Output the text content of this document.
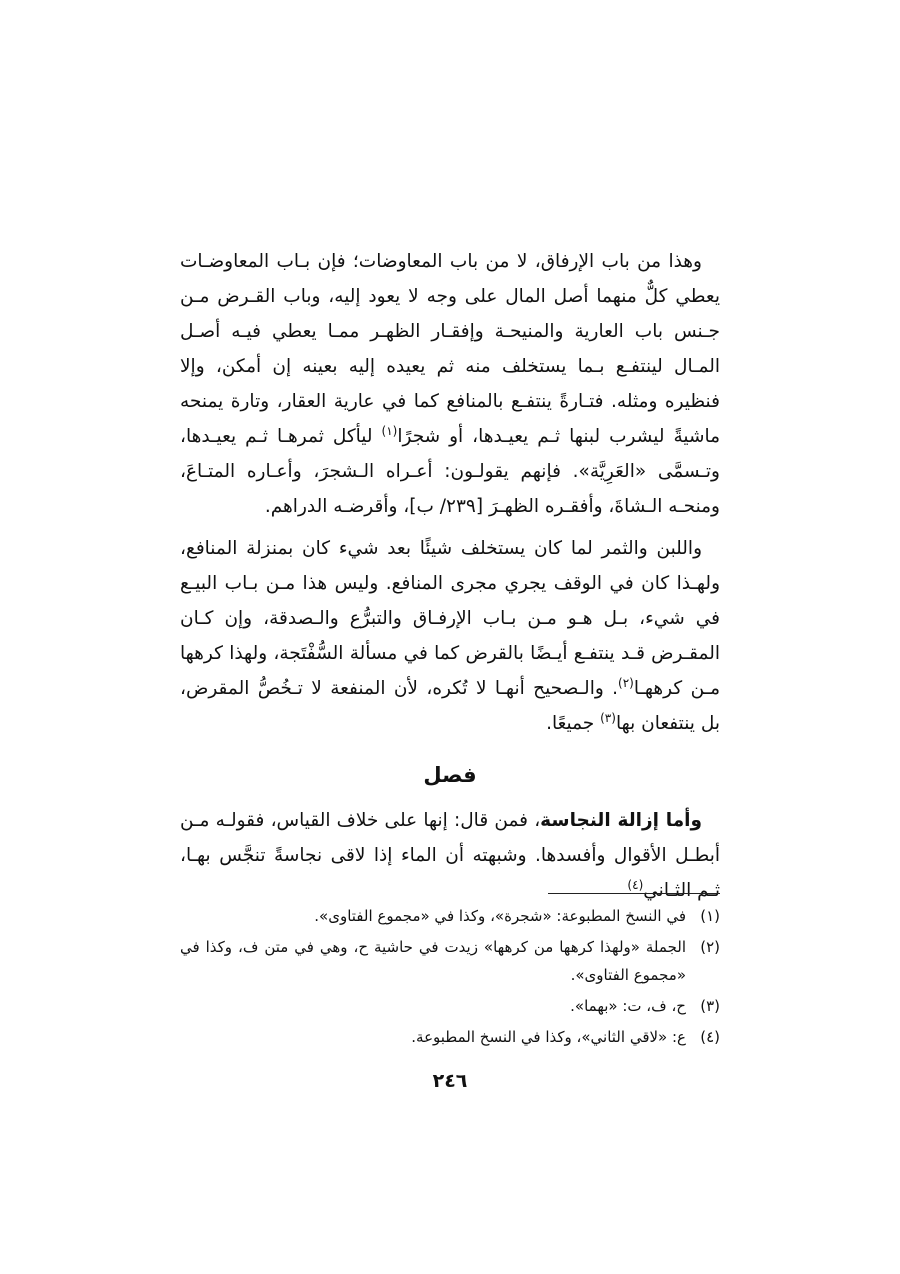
وهذا من باب الإرفاق، لا من باب المعاوضات؛ فإن بـاب المعاوضـات يعطي كلٌّ منهما أصل المال على وجه لا يعود إليه، وباب القـرض مـن جـنس باب العارية والمنيحـة وإفقـار الظهـر ممـا يعطي فيـه أصـل المـال لينتفـع بـما يستخلف منه ثم يعيده إليه بعينه إن أمكن، وإلا فنظيره ومثله. فتـارةً ينتفـع بالمنافع كما في عارية العقار، وتارة يمنحه ماشيةً ليشرب لبنها ثـم يعيـدها، أو شجرًا$^{(١)}$ ليأكل ثمرهـا ثـم يعيـدها، وتـسمَّى «العَرِيَّة». فإنهم يقولـون: أعـراه الـشجرَ، وأعـاره المتـاعَ، ومنحـه الـشاةَ، وأفقـره الظهـرَ [٢٣٩/ ب]، وأقرضـه الدراهم.

واللبن والثمر لما كان يستخلف شيئًا بعد شيء كان بمنزلة المنافع، ولهـذا كان في الوقف يجري مجرى المنافع. وليس هذا مـن بـاب البيـع في شيء، بـل هـو مـن بـاب الإرفـاق والتبرُّع والـصدقة، وإن كـان المقـرض قـد ينتفـع أيـضًا بالقرض كما في مسألة السُّفْتَجة، ولهذا كرهها مـن كرههـا$^{(٢)}$. والـصحيح أنهـا لا تُكره، لأن المنفعة لا تـخُصُّ المقرض، بل ينتفعان بها$^{(٣)}$ جميعًا.

فصل

وأما إزالة النجاسة، فمن قال: إنها على خلاف القياس، فقولـه مـن أبطـل الأقوال وأفسدها. وشبهته أن الماء إذا لاقى نجاسةً تنجَّس بهـا، ثـم الثـاني$^{(٤)}$

(١)
في النسخ المطبوعة: «شجرة»، وكذا في «مجموع الفتاوى».
(٢)
الجملة «ولهذا كرهها من كرهها» زيدت في حاشية ح، وهي في متن ف، وكذا في «مجموع الفتاوى».
(٣)
ح، ف، ت: «بهما».
(٤)
ع: «لاقي الثاني»، وكذا في النسخ المطبوعة.
٢٤٦
